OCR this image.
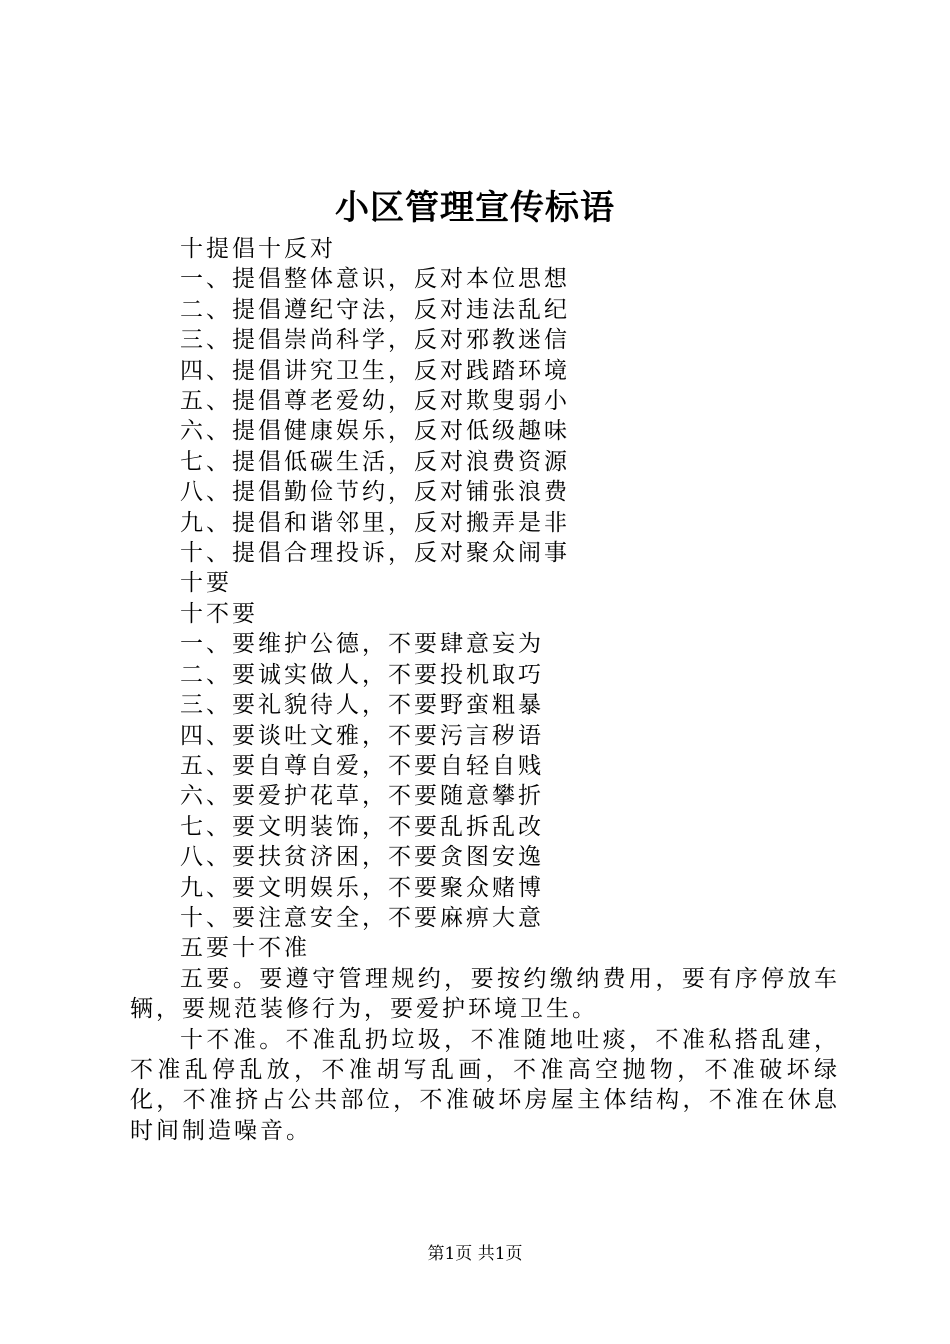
小区管理宣传标语
十提倡十反对
一、提倡整体意识，反对本位思想
二、提倡遵纪守法，反对违法乱纪
三、提倡崇尚科学，反对邪教迷信
四、提倡讲究卫生，反对践踏环境
五、提倡尊老爱幼，反对欺叟弱小
六、提倡健康娱乐，反对低级趣味
七、提倡低碳生活，反对浪费资源
八、提倡勤俭节约，反对铺张浪费
九、提倡和谐邻里，反对搬弄是非
十、提倡合理投诉，反对聚众闹事
十要
十不要
一、要维护公德，不要肆意妄为
二、要诚实做人，不要投机取巧
三、要礼貌待人，不要野蛮粗暴
四、要谈吐文雅，不要污言秽语
五、要自尊自爱，不要自轻自贱
六、要爱护花草，不要随意攀折
七、要文明装饰，不要乱拆乱改
八、要扶贫济困，不要贪图安逸
九、要文明娱乐，不要聚众赌博
十、要注意安全，不要麻痹大意
五要十不准

五要。要遵守管理规约，要按约缴纳费用，要有序停放车辆，要规范装修行为，要爱护环境卫生。

十不准。不准乱扔垃圾，不准随地吐痰，不准私搭乱建，不准乱停乱放，不准胡写乱画，不准高空抛物，不准破坏绿化，不准挤占公共部位，不准破坏房屋主体结构，不准在休息时间制造噪音。

第1页 共1页
